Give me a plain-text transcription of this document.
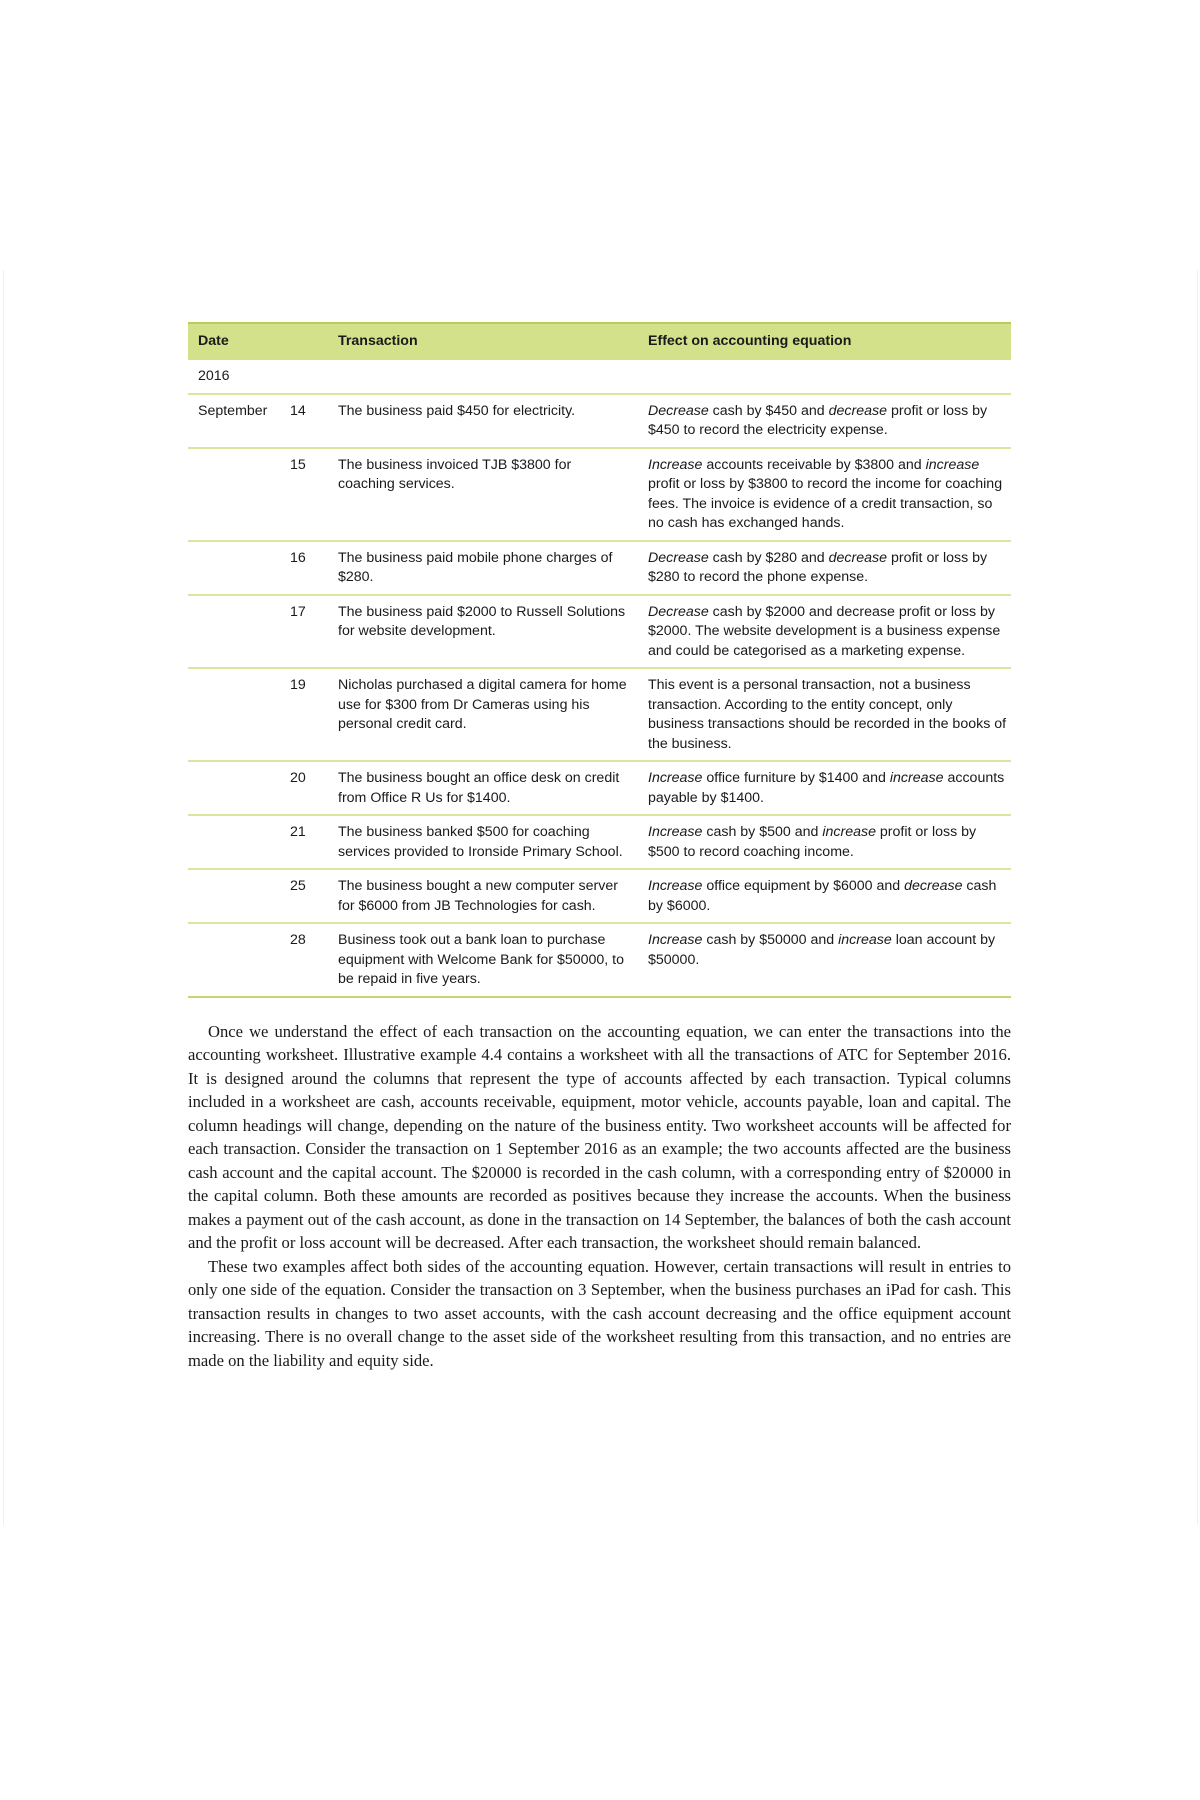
Date		Transaction	Effect on accounting equation
2016			
September	14	The business paid $450 for electricity.	Decrease cash by $450 and decrease profit or loss by $450 to record the electricity expense.
	15	The business invoiced TJB $3800 for coaching services.	Increase accounts receivable by $3800 and increase profit or loss by $3800 to record the income for coaching fees. The invoice is evidence of a credit transaction, so no cash has exchanged hands.
	16	The business paid mobile phone charges of $280.	Decrease cash by $280 and decrease profit or loss by $280 to record the phone expense.
	17	The business paid $2000 to Russell Solutions for website development.	Decrease cash by $2000 and decrease profit or loss by $2000. The website development is a business expense and could be categorised as a marketing expense.
	19	Nicholas purchased a digital camera for home use for $300 from Dr Cameras using his personal credit card.	This event is a personal transaction, not a business transaction. According to the entity concept, only business transactions should be recorded in the books of the business.
	20	The business bought an office desk on credit from Office R Us for $1400.	Increase office furniture by $1400 and increase accounts payable by $1400.
	21	The business banked $500 for coaching services provided to Ironside Primary School.	Increase cash by $500 and increase profit or loss by $500 to record coaching income.
	25	The business bought a new computer server for $6000 from JB Technologies for cash.	Increase office equipment by $6000 and decrease cash by $6000.
	28	Business took out a bank loan to purchase equipment with Welcome Bank for $50000, to be repaid in five years.	Increase cash by $50000 and increase loan account by $50000.

Once we understand the effect of each transaction on the accounting equation, we can enter the transactions into the accounting worksheet. Illustrative example 4.4 contains a worksheet with all the transactions of ATC for September 2016. It is designed around the columns that represent the type of accounts affected by each transaction. Typical columns included in a worksheet are cash, accounts receivable, equipment, motor vehicle, accounts payable, loan and capital. The column headings will change, depending on the nature of the business entity. Two worksheet accounts will be affected for each transaction. Consider the transaction on 1 September 2016 as an example; the two accounts affected are the business cash account and the capital account. The $20000 is recorded in the cash column, with a corresponding entry of $20000 in the capital column. Both these amounts are recorded as positives because they increase the accounts. When the business makes a payment out of the cash account, as done in the transaction on 14 September, the balances of both the cash account and the profit or loss account will be decreased. After each transaction, the worksheet should remain balanced.

These two examples affect both sides of the accounting equation. However, certain transactions will result in entries to only one side of the equation. Consider the transaction on 3 September, when the business purchases an iPad for cash. This transaction results in changes to two asset accounts, with the cash account decreasing and the office equipment account increasing. There is no overall change to the asset side of the worksheet resulting from this transaction, and no entries are made on the liability and equity side.
